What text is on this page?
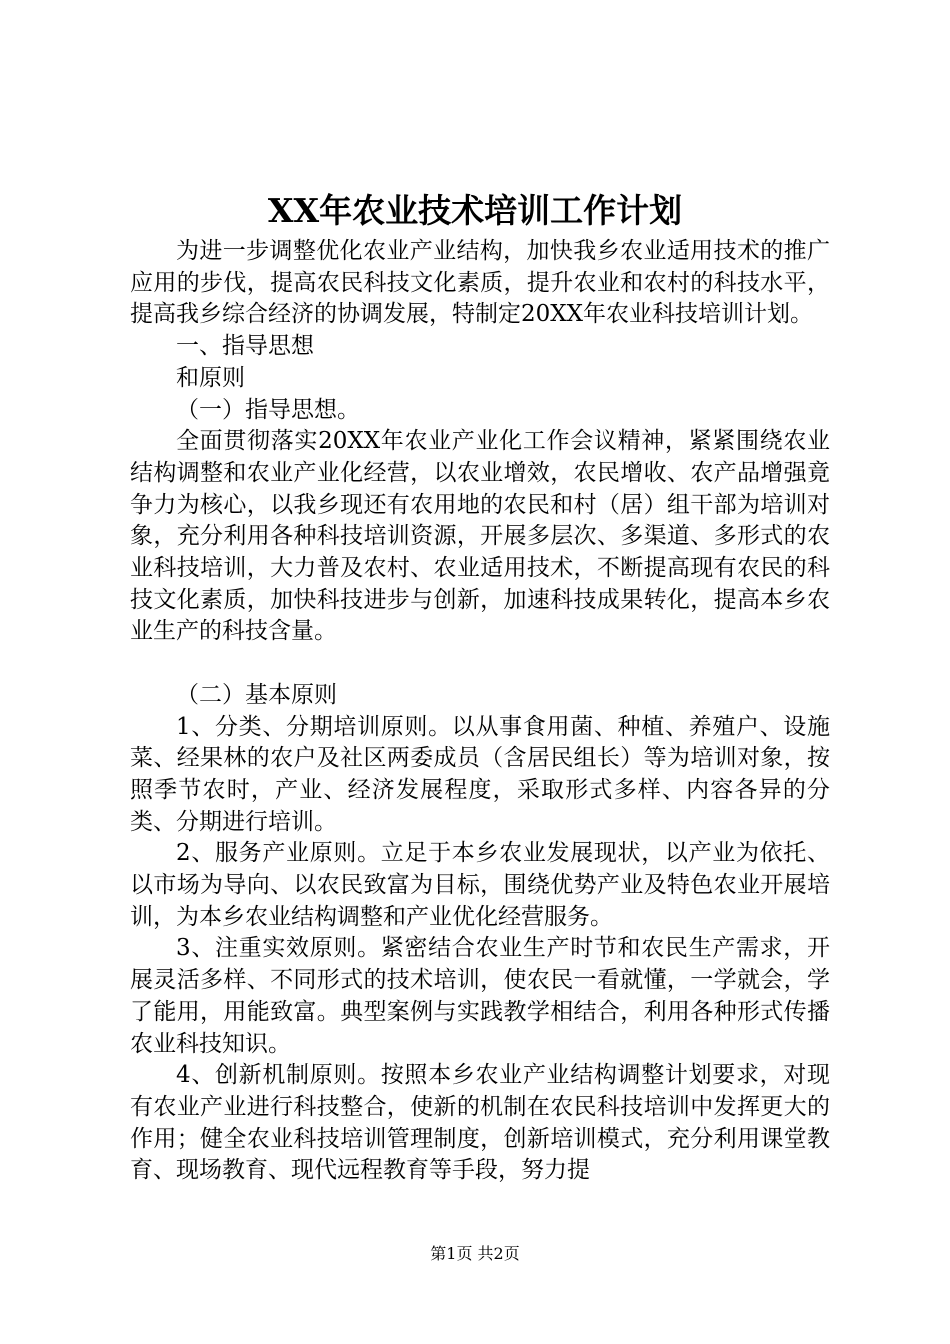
XX年农业技术培训工作计划

为进一步调整优化农业产业结构，加快我乡农业适用技术的推广应用的步伐，提高农民科技文化素质，提升农业和农村的科技水平，提高我乡综合经济的协调发展，特制定20XX年农业科技培训计划。

一、指导思想

和原则

（一）指导思想。

全面贯彻落实20XX年农业产业化工作会议精神，紧紧围绕农业结构调整和农业产业化经营，以农业增效，农民增收、农产品增强竟争力为核心，以我乡现还有农用地的农民和村（居）组干部为培训对象，充分利用各种科技培训资源，开展多层次、多渠道、多形式的农业科技培训，大力普及农村、农业适用技术，不断提高现有农民的科技文化素质，加快科技进步与创新，加速科技成果转化，提高本乡农业生产的科技含量。

（二）基本原则

1、分类、分期培训原则。以从事食用菌、种植、养殖户、设施菜、经果林的农户及社区两委成员（含居民组长）等为培训对象，按照季节农时，产业、经济发展程度，采取形式多样、内容各异的分类、分期进行培训。

2、服务产业原则。立足于本乡农业发展现状，以产业为依托、以市场为导向、以农民致富为目标，围绕优势产业及特色农业开展培训，为本乡农业结构调整和产业优化经营服务。

3、注重实效原则。紧密结合农业生产时节和农民生产需求，开展灵活多样、不同形式的技术培训，使农民一看就懂，一学就会，学了能用，用能致富。典型案例与实践教学相结合，利用各种形式传播农业科技知识。

4、创新机制原则。按照本乡农业产业结构调整计划要求，对现有农业产业进行科技整合，使新的机制在农民科技培训中发挥更大的作用；健全农业科技培训管理制度，创新培训模式，充分利用课堂教育、现场教育、现代远程教育等手段，努力提

第1页 共2页
